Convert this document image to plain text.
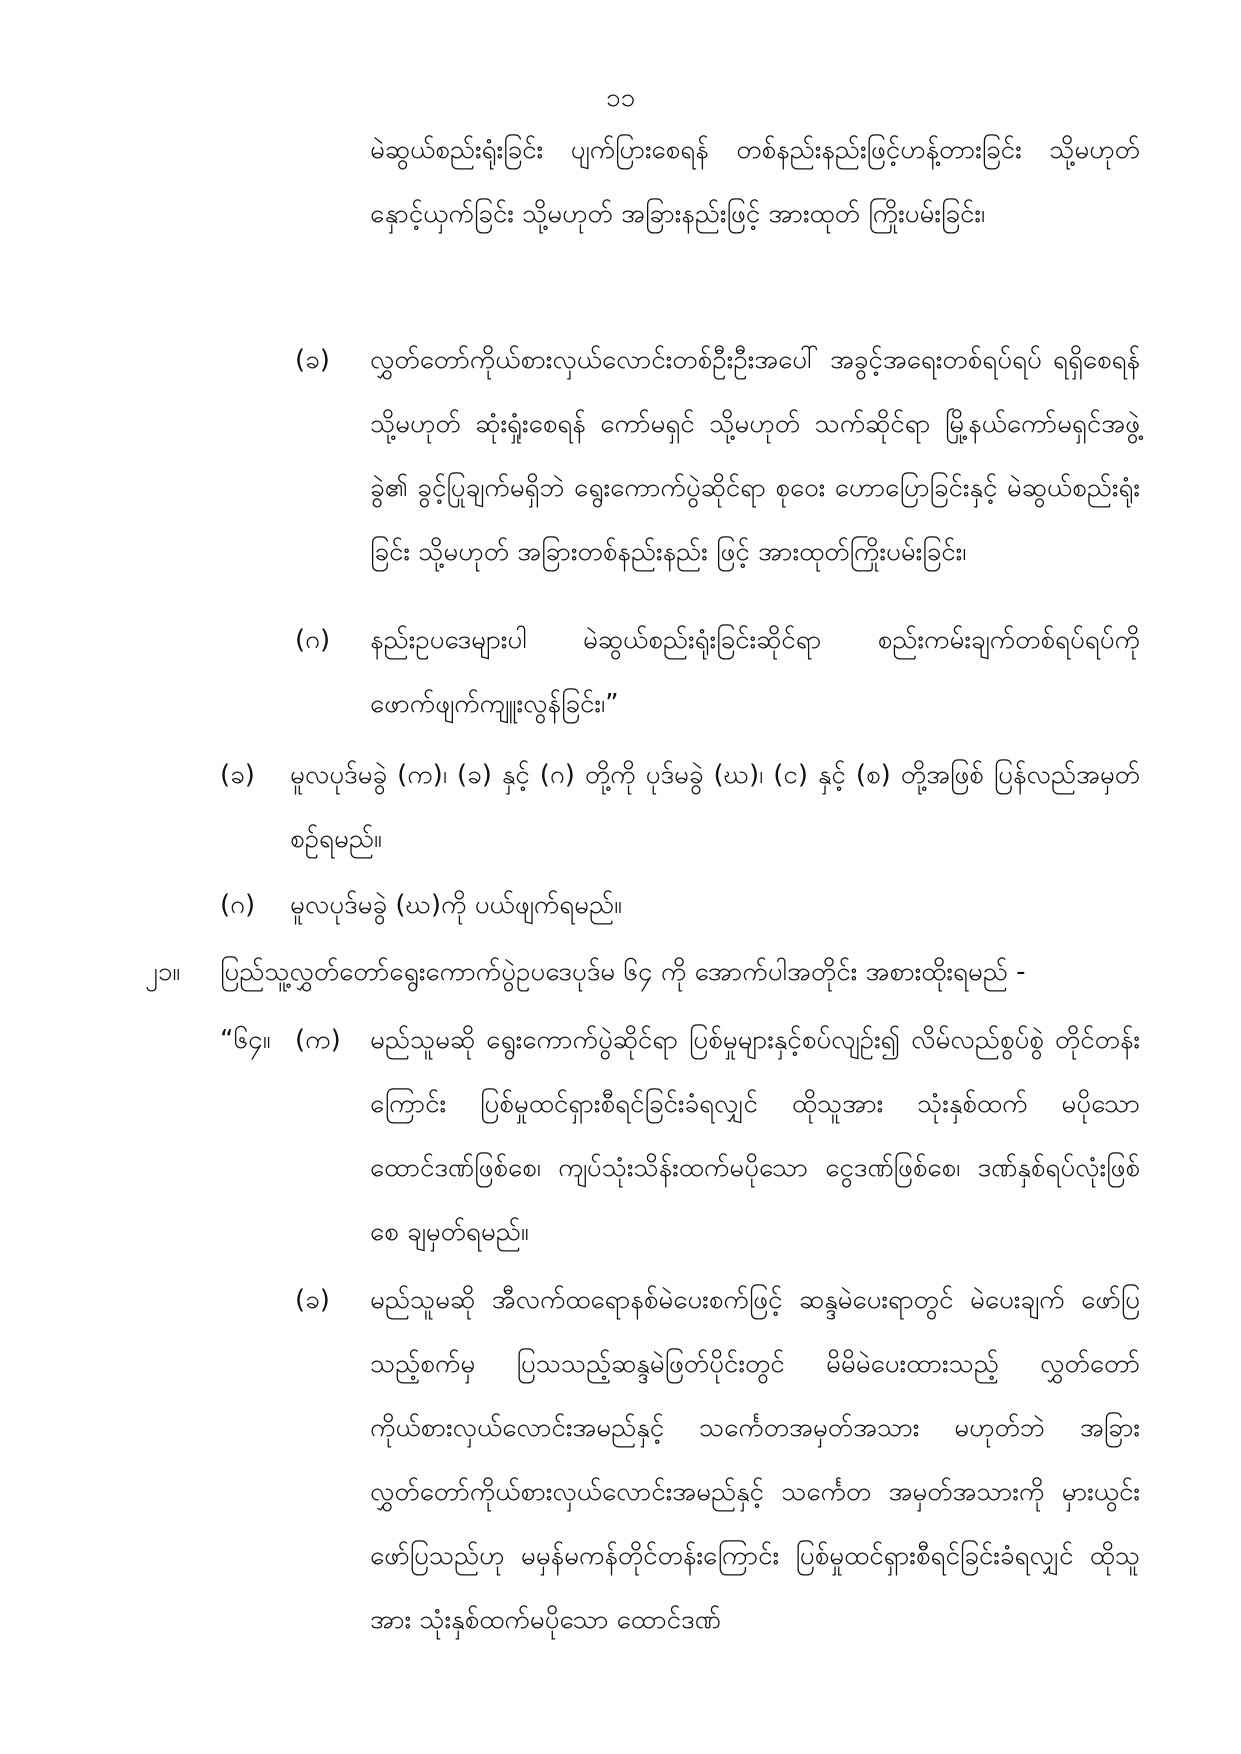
၁၁
မဲဆွယ်စည်းရုံးခြင်း ပျက်ပြားစေရန် တစ်နည်းနည်းဖြင့်ဟန့်တားခြင်း သို့မဟုတ် နှောင့်ယှက်ခြင်း သို့မဟုတ် အခြားနည်းဖြင့် အားထုတ် ကြိုးပမ်းခြင်း၊
(ခ) လွှတ်တော်ကိုယ်စားလှယ်လောင်းတစ်ဦးဦးအပေါ် အခွင့်အရေးတစ်ရပ်ရပ် ရရှိစေရန် သို့မဟုတ် ဆုံးရှုံးစေရန် ကော်မရှင် သို့မဟုတ် သက်ဆိုင်ရာ မြို့နယ်ကော်မရှင်အဖွဲ့ခွဲ၏ ခွင့်ပြုချက်မရှိဘဲ ရွေးကောက်ပွဲဆိုင်ရာ စုဝေး ဟောပြောခြင်းနှင့် မဲဆွယ်စည်းရုံးခြင်း သို့မဟုတ် အခြားတစ်နည်းနည်း ဖြင့် အားထုတ်ကြိုးပမ်းခြင်း၊
(ဂ) နည်းဥပဒေများပါ မဲဆွယ်စည်းရုံးခြင်းဆိုင်ရာ စည်းကမ်းချက်တစ်ရပ်ရပ်ကို ဖောက်ဖျက်ကျူးလွန်ခြင်း၊”
(ခ) မူလပုဒ်မခွဲ (က)၊ (ခ) နှင့် (ဂ) တို့ကို ပုဒ်မခွဲ (ဃ)၊ (င) နှင့် (စ) တို့အဖြစ် ပြန်လည်အမှတ်စဉ်ရမည်။
(ဂ) မူလပုဒ်မခွဲ (ဃ)ကို ပယ်ဖျက်ရမည်။
၂၁။ ပြည်သူ့လွှတ်တော်ရွေးကောက်ပွဲဥပဒေပုဒ်မ ၆၄ ကို အောက်ပါအတိုင်း အစားထိုးရမည် -
“၆၄။ (က) မည်သူမဆို ရွေးကောက်ပွဲဆိုင်ရာ ပြစ်မှုများနှင့်စပ်လျဉ်း၍ လိမ်လည်စွပ်စွဲ တိုင်တန်းကြောင်း ပြစ်မှုထင်ရှားစီရင်ခြင်းခံရလျှင် ထိုသူအား သုံးနှစ်ထက် မပိုသော ထောင်ဒဏ်ဖြစ်စေ၊ ကျပ်သုံးသိန်းထက်မပိုသော ငွေဒဏ်ဖြစ်စေ၊ ဒဏ်နှစ်ရပ်လုံးဖြစ်စေ ချမှတ်ရမည်။
(ခ) မည်သူမဆို အီလက်ထရောနစ်မဲပေးစက်ဖြင့် ဆန္ဒမဲပေးရာတွင် မဲပေးချက် ဖော်ပြသည့်စက်မှ ပြသသည့်ဆန္ဒမဲဖြတ်ပိုင်းတွင် မိမိမဲပေးထားသည့် လွှတ်တော်ကိုယ်စားလှယ်လောင်းအမည်နှင့် သင်္ကေတအမှတ်အသား မဟုတ်ဘဲ အခြားလွှတ်တော်ကိုယ်စားလှယ်လောင်းအမည်နှင့် သင်္ကေတ အမှတ်အသားကို မှားယွင်းဖော်ပြသည်ဟု မမှန်မကန်တိုင်တန်းကြောင်း ပြစ်မှုထင်ရှားစီရင်ခြင်းခံရလျှင် ထိုသူအား သုံးနှစ်ထက်မပိုသော ထောင်ဒဏ်
